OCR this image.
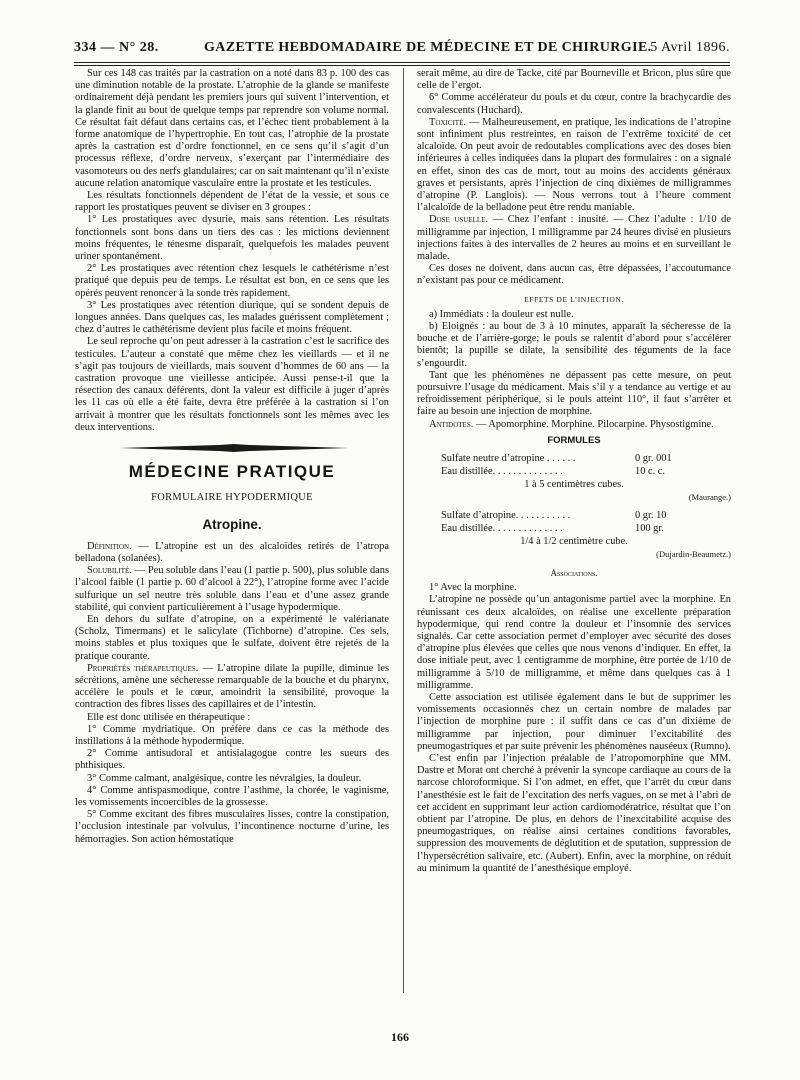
334 — N° 28.	GAZETTE HEBDOMADAIRE DE MÉDECINE ET DE CHIRURGIE.
5 Avril 1896.

Sur ces 148 cas traités par la castration on a noté dans 83 p. 100 des cas une diminution notable de la prostate. L’atrophie de la glande se manifeste ordinairement déjà pendant les premiers jours qui suivent l’intervention, et la glande finit au bout de quelque temps par reprendre son volume normal. Ce résultat fait défaut dans certains cas, et l’échec tient probablement à la forme anatomique de l’hypertrophie. En tout cas, l’atrophie de la prostate après la castration est d’ordre fonctionnel, en ce sens qu’il s’agit d’un processus réflexe, d’ordre nerveux, s’exerçant par l’intermédiaire des vasomoteurs ou des nerfs glandulaires; car on sait maintenant qu’il n’existe aucune relation anatomique vasculaire entre la prostate et les testicules.

Les résultats fonctionnels dépendent de l’état de la vessie, et sous ce rapport les prostatiques peuvent se diviser en 3 groupes :

1° Les prostatiques avec dysurie, mais sans rétention. Les résultats fonctionnels sont bons dans un tiers des cas : les mictions deviennent moins fréquentes, le ténesme disparaît, quelquefois les malades peuvent uriner spontanément.

2° Les prostatiques avec rétention chez lesquels le cathétérisme n’est pratiqué que depuis peu de temps. Le résultat est bon, en ce sens que les opérés peuvent renoncer à la sonde très rapidement.

3° Les prostatiques avec rétention diurique, qui se sondent depuis de longues années. Dans quelques cas, les malades guérissent complètement ; chez d’autres le cathétérisme devient plus facile et moins fréquent.

Le seul reproche qu’on peut adresser à la castration c’est le sacrifice des testicules. L’auteur a constaté que même chez les vieillards — et il ne s’agit pas toujours de vieillards, mais souvent d’hommes de 60 ans — la castration provoque une vieillesse anticipée. Aussi pense-t-il que la résection des canaux déférents, dont la valeur est difficile à juger d’après les 11 cas où elle a été faite, devra être préférée à la castration si l’on arrivait à montrer que les résultats fonctionnels sont les mêmes avec les deux interventions.

MÉDECINE PRATIQUE

FORMULAIRE HYPODERMIQUE

Atropine.

Définition. — L’atropine est un des alcaloïdes retirés de l’atropa belladona (solanées).

Solubilité. — Peu soluble dans l’eau (1 partie p. 500), plus soluble dans l’alcool faible (1 partie p. 60 d’alcool à 22°), l’atropine forme avec l’acide sulfurique un sel neutre très soluble dans l’eau et d’une assez grande stabilité, qui convient particulièrement à l’usage hypodermique.

En dehors du sulfate d’atropine, on a expérimenté le valérianate (Scholz, Timermans) et le salicylate (Tichborne) d’atropine. Ces sels, moins stables et plus toxiques que le sulfate, doivent être rejetés de la pratique courante.

Propriétés thérapeutiques. — L’atropine dilate la pupille, diminue les sécrétions, amène une sécheresse remarquable de la bouche et du pharynx, accélère le pouls et le cœur, amoindrit la sensibilité, provoque la contraction des fibres lisses des capillaires et de l’intestin.

Elle est donc utilisée en thérapeutique :

1° Comme mydriatique. On préfère dans ce cas la méthode des instillations à la méthode hypodermique.

2° Comme antisudoral et antisialagogue contre les sueurs des phthisiques.

3° Comme calmant, analgésique, contre les névralgies, la douleur.

4° Comme antispasmodique, contre l’asthme, la chorée, le vaginisme, les vomissements incoercibles de la grossesse.

5° Comme excitant des fibres musculaires lisses, contre la constipation, l’occlusion intestinale par volvulus, l’incontinence nocturne d’urine, les hémorragies. Son action hémostatique

serait même, au dire de Tacke, cité par Bourneville et Bricon, plus sûre que celle de l’ergot.

6° Comme accélérateur du pouls et du cœur, contre la brachycardie des convalescents (Huchard).

Toxicité. — Malheureusement, en pratique, les indications de l’atropine sont infiniment plus restreintes, en raison de l’extrême toxicité de cet alcaloïde. On peut avoir de redoutables complications avec des doses bien inférieures à celles indiquées dans la plupart des formulaires : on a signalé en effet, sinon des cas de mort, tout au moins des accidents généraux graves et persistants, après l’injection de cinq dixièmes de milligrammes d’atropine (P. Langlois). — Nous verrons tout à l’heure comment l’alcaloïde de la belladone peut être rendu maniable.

Dose usuelle. — Chez l’enfant : inusité. — Chez l’adulte : 1/10 de milligramme par injection, 1 milligramme par 24 heures divisé en plusieurs injections faites à des intervalles de 2 heures au moins et en surveillant le malade.

Ces doses ne doivent, dans aucun cas, être dépassées, l’accoutumance n’existant pas pour ce médicament.

EFFETS DE L’INJECTION.

a) Immédiats : la douleur est nulle.

b) Eloignés : au bout de 3 à 10 minutes, apparaît la sécheresse de la bouche et de l’arrière-gorge; le pouls se ralentit d’abord pour s’accélérer bientôt; la pupille se dilate, la sensibilité des téguments de la face s’engourdit.

Tant que les phénomènes ne dépassent pas cette mesure, on peut poursuivre l’usage du médicament. Mais s’il y a tendance au vertige et au refroidissement périphérique, si le pouls atteint 110°, il faut s’arrêter et faire au besoin une injection de morphine.

Antidotes. — Apomorphine. Morphine. Pilocarpine. Physostigmine.

FORMULES

Sulfate neutre d’atropine . . . . . .	0 gr. 001
Eau distillée. . . . . . . . . . . . . .	10 c. c.

1 à 5 centimètres cubes.

(Maurange.)

Sulfate d’atropine. . . . . . . . . . .	0 gr. 10
Eau distillée. . . . . . . . . . . . . .	100 gr.

1/4 à 1/2 centimètre cube.

(Dujardin-Beaumetz.)

Associations.

1° Avec la morphine.

L’atropine ne possède qu’un antagonisme partiel avec la morphine. En réunissant ces deux alcaloïdes, on réalise une excellente préparation hypodermique, qui rend contre la douleur et l’insomnie des services signalés. Car cette association permet d’employer avec sécurité des doses d’atropine plus élevées que celles que nous venons d’indiquer. En effet, la dose initiale peut, avec 1 centigramme de morphine, être portée de 1/10 de milligramme à 5/10 de milligramme, et même dans quelques cas à 1 milligramme.

Cette association est utilisée également dans le but de supprimer les vomissements occasionnés chez un certain nombre de malades par l’injection de morphine pure : il suffit dans ce cas d’un dixième de milligramme par injection, pour diminuer l’excitabilité des pneumogastriques et par suite prévenir les phénomènes nauséeux (Rumno).

C’est enfin par l’injection préalable de l’atropomorphine que MM. Dastre et Morat ont cherché à prévenir la syncope cardiaque au cours de la narcose chloroformique. Si l’on admet, en effet, que l’arrêt du cœur dans l’anesthésie est le fait de l’excitation des nerfs vagues, on se met à l’abri de cet accident en supprimant leur action cardiomodératrice, résultat que l’on obtient par l’atropine. De plus, en dehors de l’inexcitabilité acquise des pneumogastriques, on réalise ainsi certaines conditions favorables, suppression des mouvements de déglutition et de sputation, suppression de l’hypersécrétion salivaire, etc. (Aubert). Enfin, avec la morphine, on réduit au minimum la quantité de l’anesthésique employé.

166
